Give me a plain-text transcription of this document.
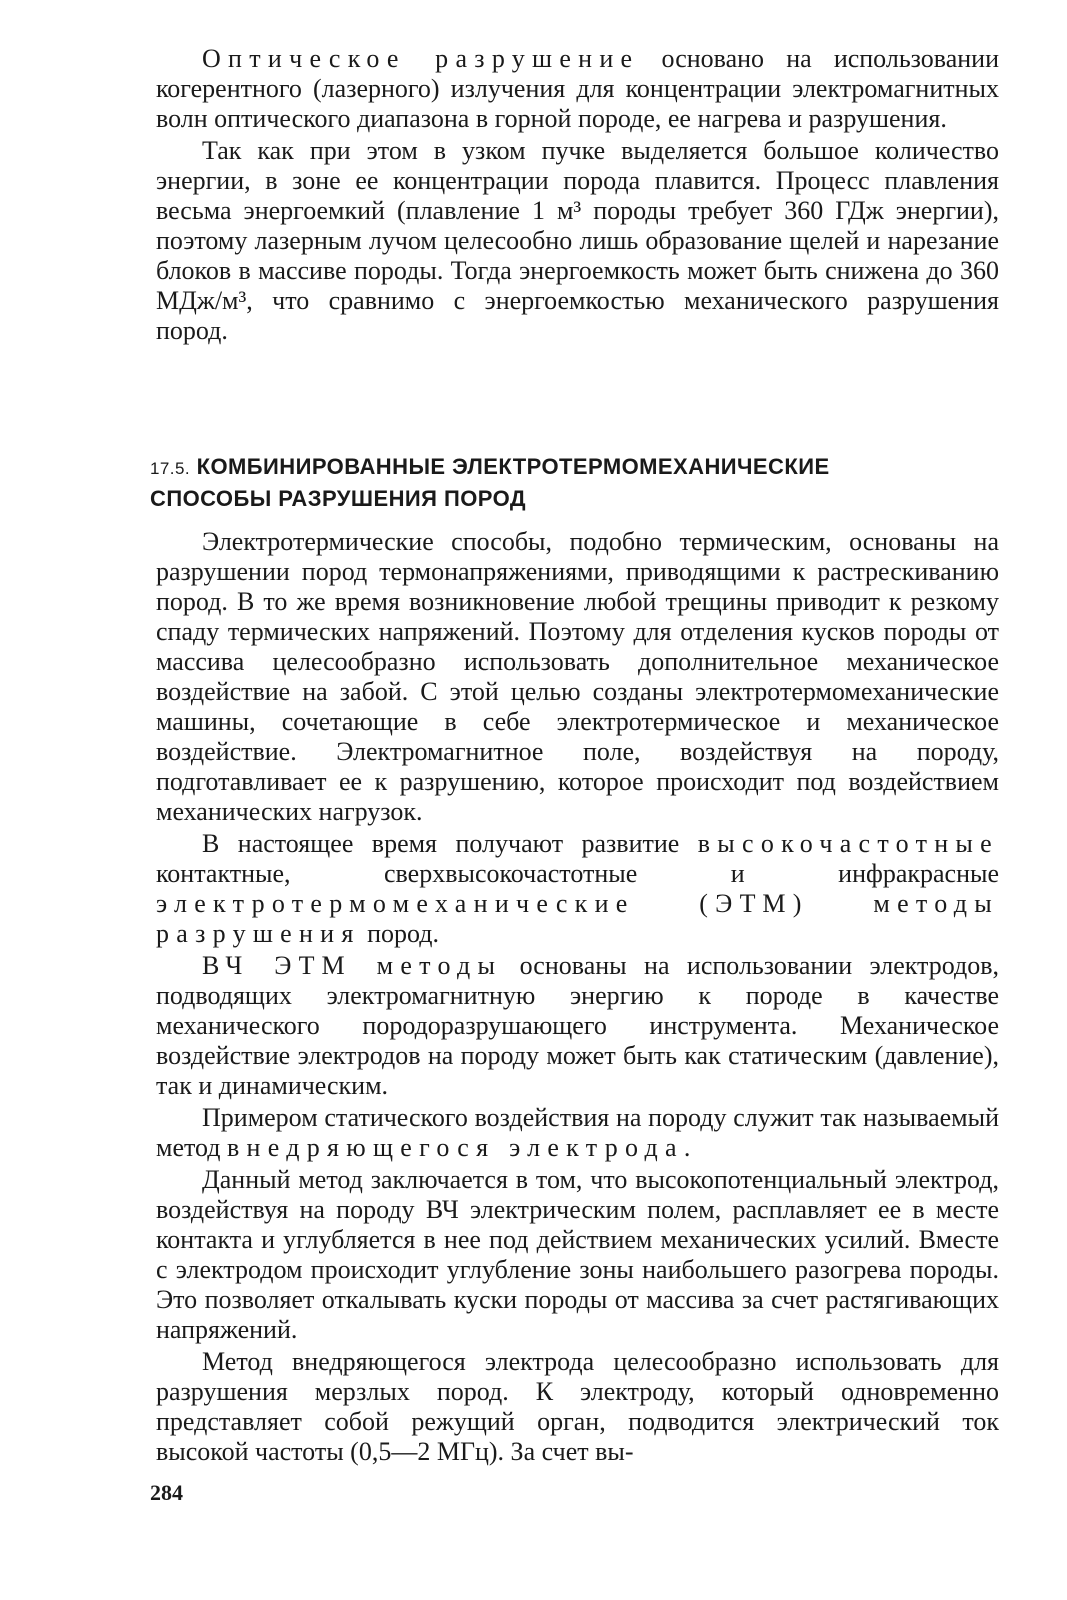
Оптическое разрушение основано на использовании когерентного (лазерного) излучения для концентрации электромагнитных волн оптического диапазона в горной породе, ее нагрева и разрушения.

Так как при этом в узком пучке выделяется большое количество энергии, в зоне ее концентрации порода плавится. Процесс плавления весьма энергоемкий (плавление 1 м³ породы требует 360 ГДж энергии), поэтому лазерным лучом целесообно лишь образование щелей и нарезание блоков в массиве породы. Тогда энергоемкость может быть снижена до 360 МДж/м³, что сравнимо с энергоемкостью механического разрушения пород.

17.5. КОМБИНИРОВАННЫЕ ЭЛЕКТРОТЕРМОМЕХАНИЧЕСКИЕ
СПОСОБЫ РАЗРУШЕНИЯ ПОРОД

Электротермические способы, подобно термическим, основаны на разрушении пород термонапряжениями, приводящими к растрескиванию пород. В то же время возникновение любой трещины приводит к резкому спаду термических напряжений. Поэтому для отделения кусков породы от массива целесообразно использовать дополнительное механическое воздействие на забой. С этой целью созданы электротермомеханические машины, сочетающие в себе электротермическое и механическое воздействие. Электромагнитное поле, воздействуя на породу, подготавливает ее к разрушению, которое происходит под воздействием механических нагрузок.

В настоящее время получают развитие высокочастотные контактные, сверхвысокочастотные и инфракрасные электротермомеханические (ЭТМ) методы разрушения пород.

ВЧ ЭТМ методы основаны на использовании электродов, подводящих электромагнитную энергию к породе в качестве механического породоразрушающего инструмента. Механическое воздействие электродов на породу может быть как статическим (давление), так и динамическим.

Примером статического воздействия на породу служит так называемый метод внедряющегося электрода.

Данный метод заключается в том, что высокопотенциальный электрод, воздействуя на породу ВЧ электрическим полем, расплавляет ее в месте контакта и углубляется в нее под действием механических усилий. Вместе с электродом происходит углубление зоны наибольшего разогрева породы. Это позволяет откалывать куски породы от массива за счет растягивающих напряжений.

Метод внедряющегося электрода целесообразно использовать для разрушения мерзлых пород. К электроду, который одновременно представляет собой режущий орган, подводится электрический ток высокой частоты (0,5—2 МГц). За счет вы-

284
